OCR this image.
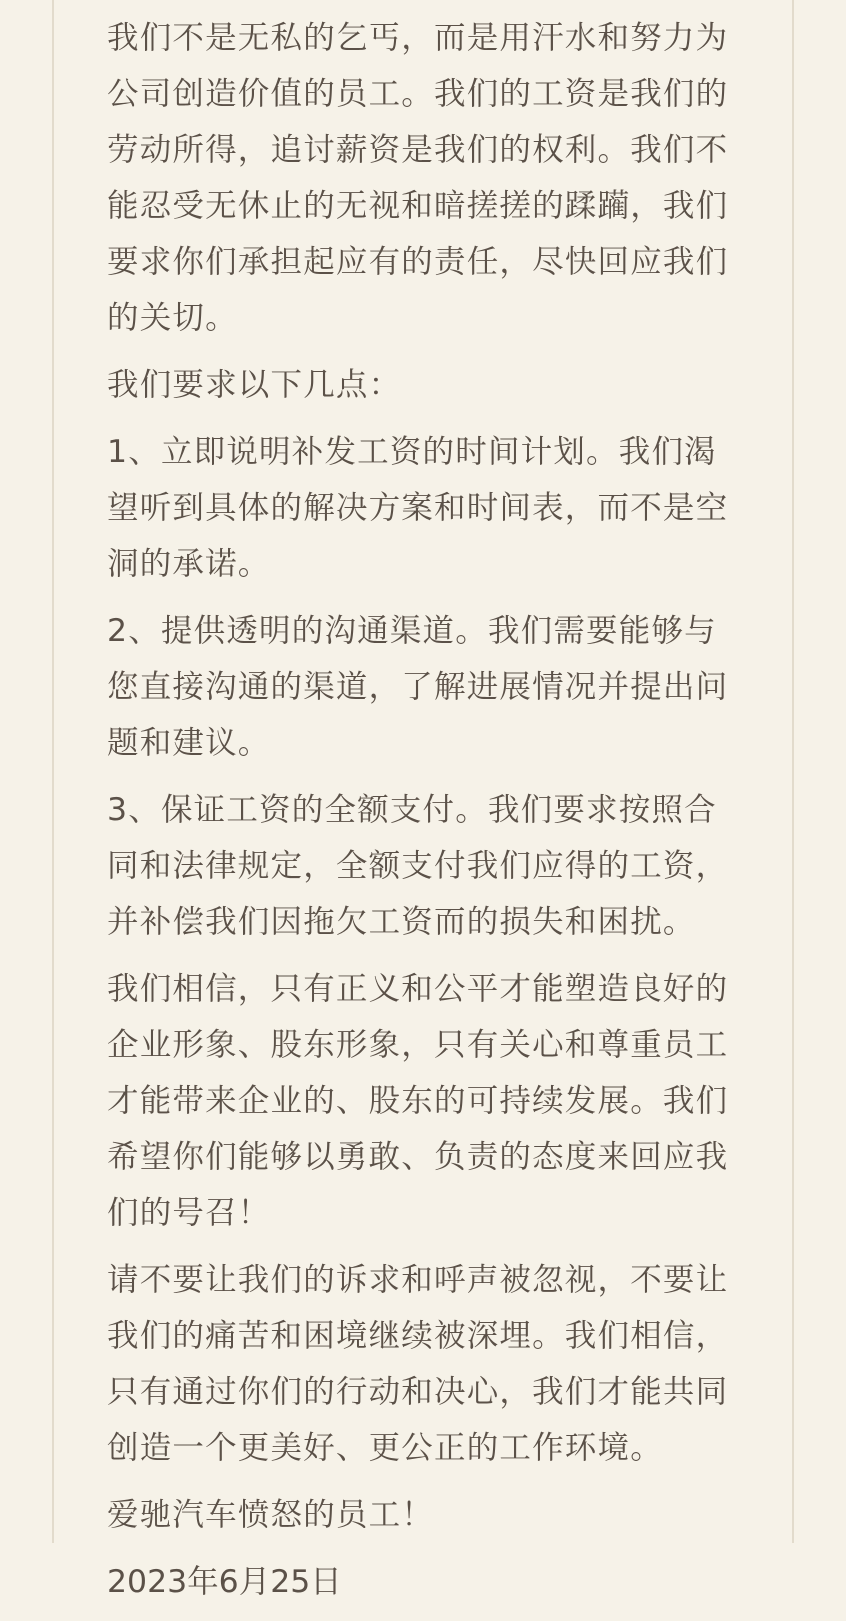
我们不是无私的乞丐，而是用汗水和努力为公司创造价值的员工。我们的工资是我们的劳动所得，追讨薪资是我们的权利。我们不能忍受无休止的无视和暗搓搓的蹂躏，我们要求你们承担起应有的责任，尽快回应我们的关切。

我们要求以下几点：

1、立即说明补发工资的时间计划。我们渴望听到具体的解决方案和时间表，而不是空洞的承诺。

2、提供透明的沟通渠道。我们需要能够与您直接沟通的渠道，了解进展情况并提出问题和建议。

3、保证工资的全额支付。我们要求按照合同和法律规定，全额支付我们应得的工资，并补偿我们因拖欠工资而的损失和困扰。

我们相信，只有正义和公平才能塑造良好的企业形象、股东形象，只有关心和尊重员工才能带来企业的、股东的可持续发展。我们希望你们能够以勇敢、负责的态度来回应我们的号召！

请不要让我们的诉求和呼声被忽视，不要让我们的痛苦和困境继续被深埋。我们相信，只有通过你们的行动和决心，我们才能共同创造一个更美好、更公正的工作环境。

爱驰汽车愤怒的员工！

2023年6月25日
